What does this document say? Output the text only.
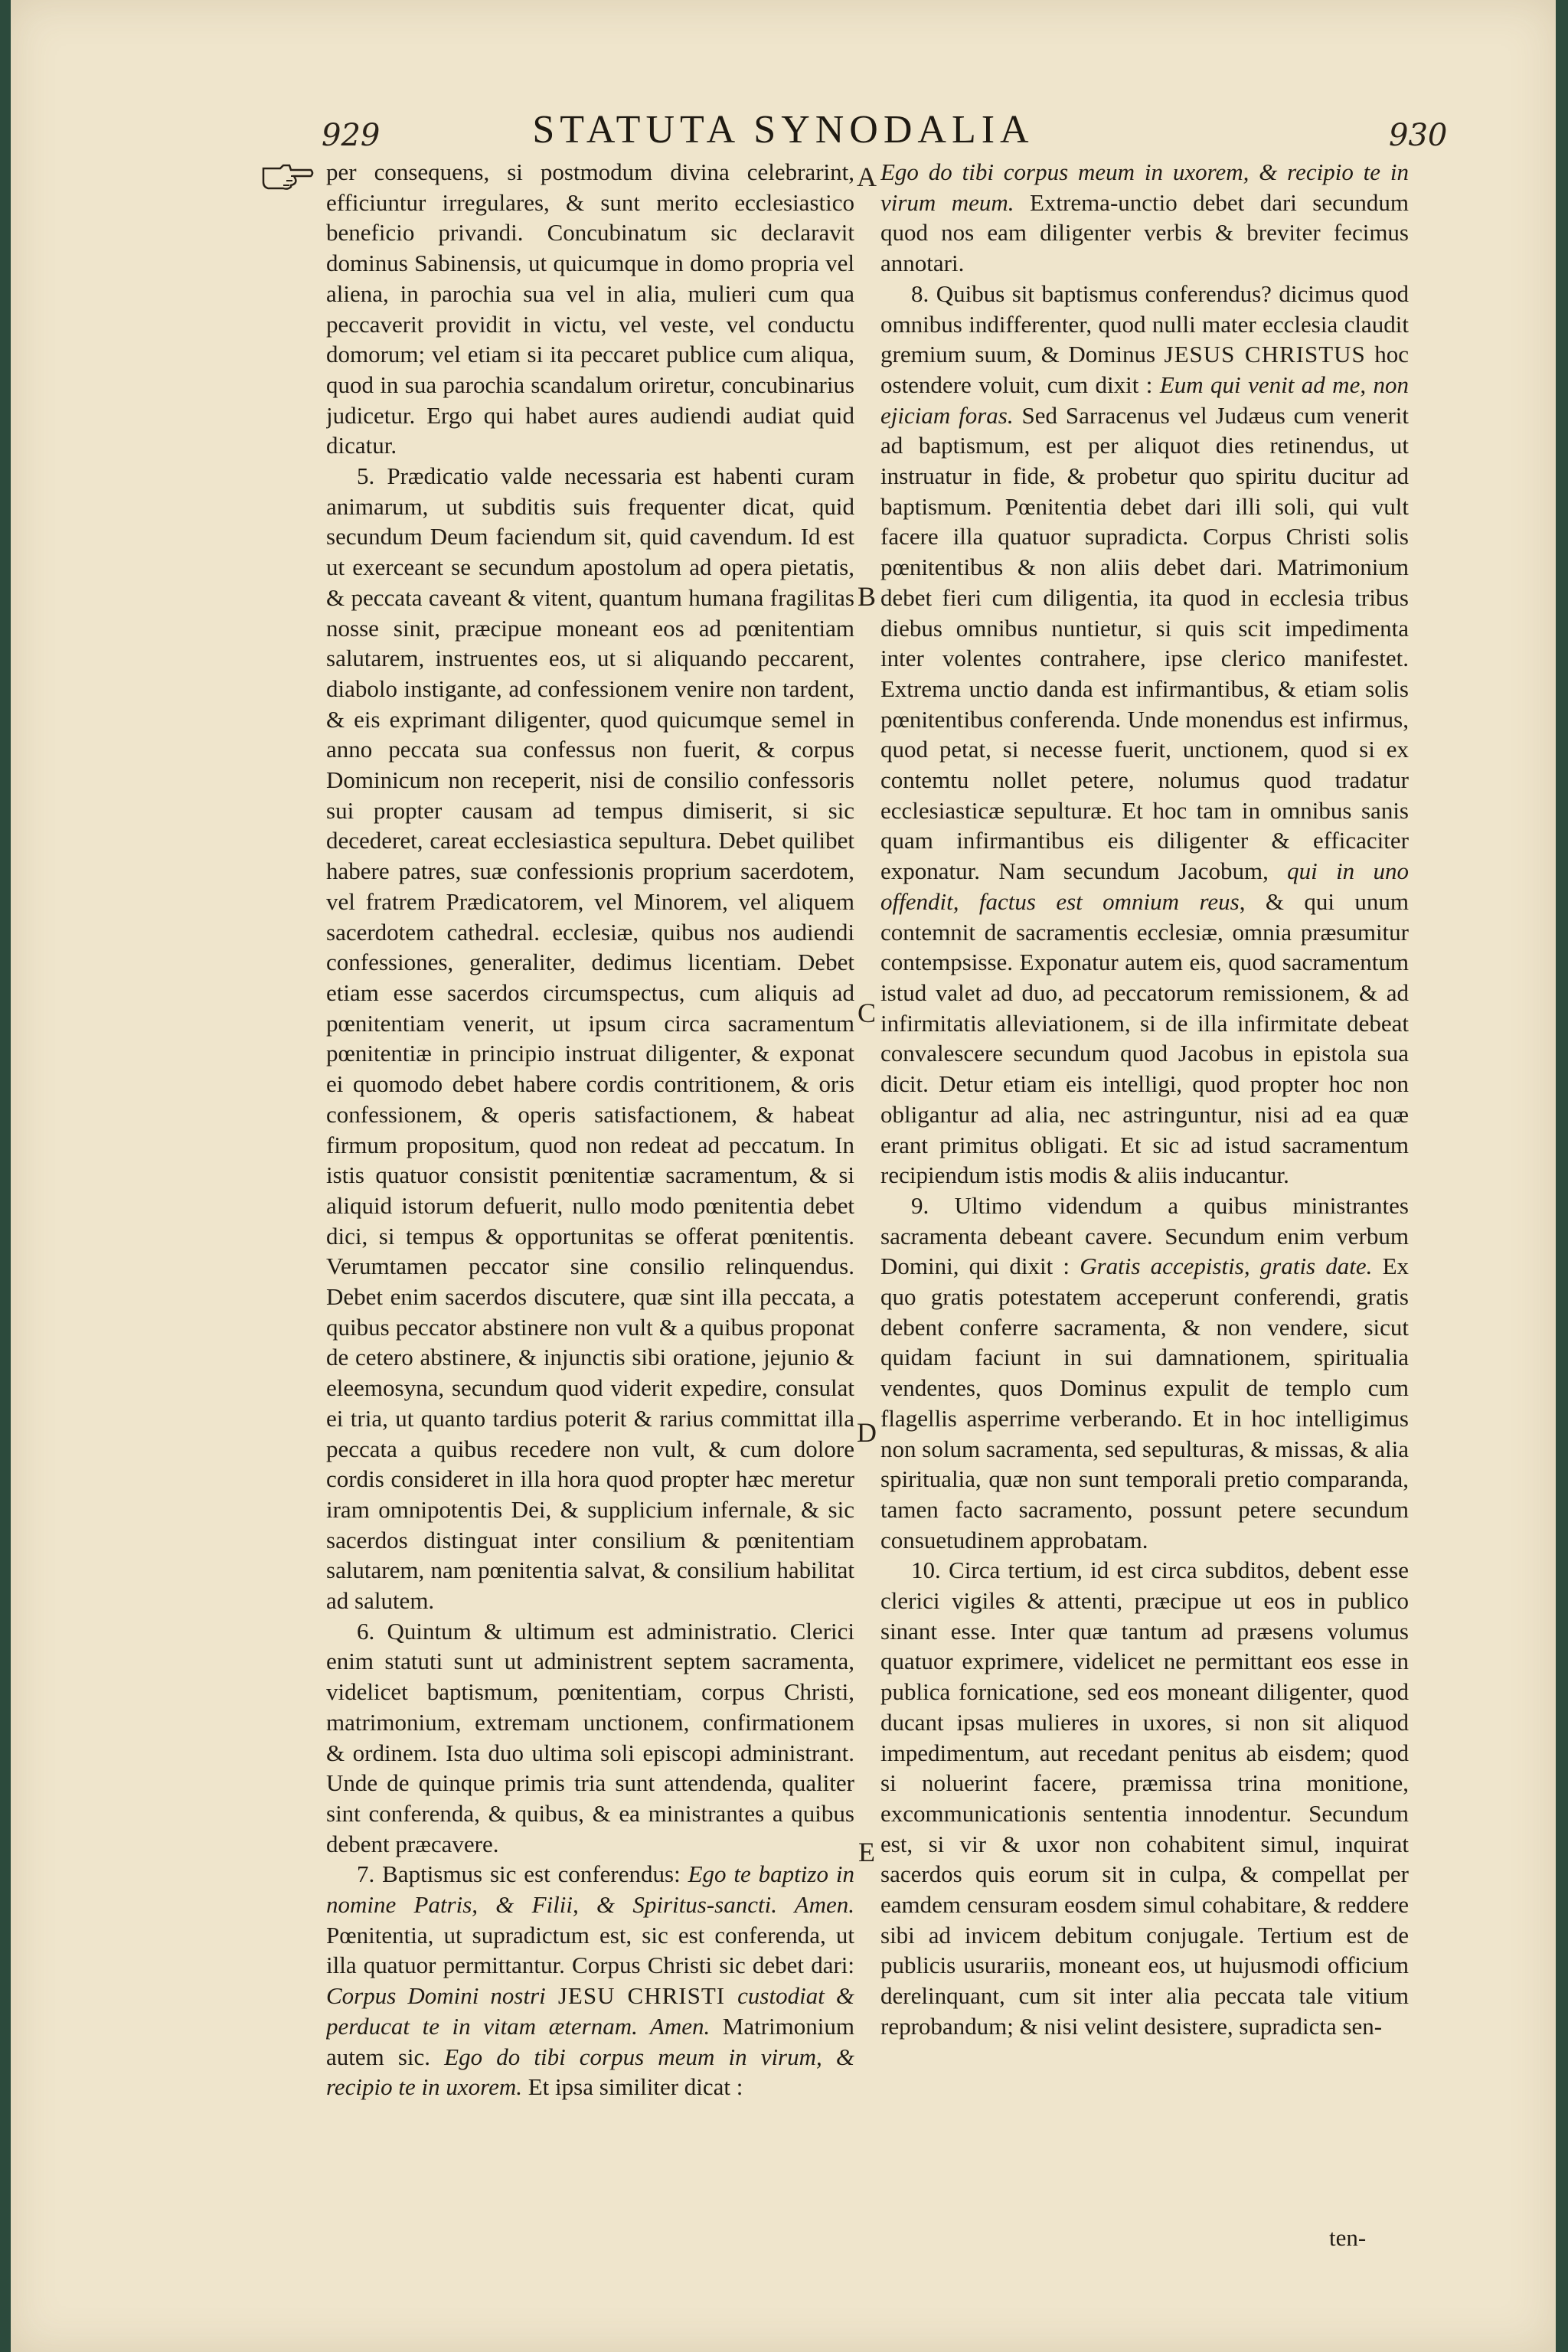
929	STATUTA SYNODALIA	930

per consequens, si postmodum divina celebrarint, efficiuntur irregulares, & sunt merito ecclesiastico beneficio privandi. Concubinatum sic declaravit dominus Sabinensis, ut quicumque in domo propria vel aliena, in parochia sua vel in alia, mulieri cum qua peccaverit providit in victu, vel veste, vel conductu domorum; vel etiam si ita peccaret publice cum aliqua, quod in sua parochia scandalum oriretur, concubinarius judicetur. Ergo qui habet aures audiendi audiat quid dicatur.

5. Prædicatio valde necessaria est habenti curam animarum, ut subditis suis frequenter dicat, quid secundum Deum faciendum sit, quid cavendum. Id est ut exerceant se secundum apostolum ad opera pietatis, & peccata caveant & vitent, quantum humana fragilitas nosse sinit, præcipue moneant eos ad pœnitentiam salutarem, instruentes eos, ut si aliquando peccarent, diabolo instigante, ad confessionem venire non tardent, & eis exprimant diligenter, quod quicumque semel in anno peccata sua confessus non fuerit, & corpus Dominicum non receperit, nisi de consilio confessoris sui propter causam ad tempus dimiserit, si sic decederet, careat ecclesiastica sepultura. Debet quilibet habere patres, suæ confessionis proprium sacerdotem, vel fratrem Prædicatorem, vel Minorem, vel aliquem sacerdotem cathedral. ecclesiæ, quibus nos audiendi confessiones, generaliter, dedimus licentiam. Debet etiam esse sacerdos circumspectus, cum aliquis ad pœnitentiam venerit, ut ipsum circa sacramentum pœnitentiæ in principio instruat diligenter, & exponat ei quomodo debet habere cordis contritionem, & oris confessionem, & operis satisfactionem, & habeat firmum propositum, quod non redeat ad peccatum. In istis quatuor consistit pœnitentiæ sacramentum, & si aliquid istorum defuerit, nullo modo pœnitentia debet dici, si tempus & opportunitas se offerat pœnitentis. Verumtamen peccator sine consilio relinquendus. Debet enim sacerdos discutere, quæ sint illa peccata, a quibus peccator abstinere non vult & a quibus proponat de cetero abstinere, & injunctis sibi oratione, jejunio & eleemosyna, secundum quod viderit expedire, consulat ei tria, ut quanto tardius poterit & rarius committat illa peccata a quibus recedere non vult, & cum dolore cordis consideret in illa hora quod propter hæc meretur iram omnipotentis Dei, & supplicium infernale, & sic sacerdos distinguat inter consilium & pœnitentiam salutarem, nam pœnitentia salvat, & consilium habilitat ad salutem.

6. Quintum & ultimum est administratio. Clerici enim statuti sunt ut administrent septem sacramenta, videlicet baptismum, pœnitentiam, corpus Christi, matrimonium, extremam unctionem, confirmationem & ordinem. Ista duo ultima soli episcopi administrant. Unde de quinque primis tria sunt attendenda, qualiter sint conferenda, & quibus, & ea ministrantes a quibus debent præcavere.

7. Baptismus sic est conferendus: Ego te baptizo in nomine Patris, & Filii, & Spiritus-sancti. Amen. Pœnitentia, ut supradictum est, sic est conferenda, ut illa quatuor permittantur. Corpus Christi sic debet dari: Corpus Domini nostri JESU CHRISTI custodiat & perducat te in vitam æternam. Amen. Matrimonium autem sic. Ego do tibi corpus meum in virum, & recipio te in uxorem. Et ipsa similiter dicat :

A
B
C
D
E

Ego do tibi corpus meum in uxorem, & recipio te in virum meum. Extrema-unctio debet dari secundum quod nos eam diligenter verbis & breviter fecimus annotari.

8. Quibus sit baptismus conferendus? dicimus quod omnibus indifferenter, quod nulli mater ecclesia claudit gremium suum, & Dominus JESUS CHRISTUS hoc ostendere voluit, cum dixit : Eum qui venit ad me, non ejiciam foras. Sed Sarracenus vel Judæus cum venerit ad baptismum, est per aliquot dies retinendus, ut instruatur in fide, & probetur quo spiritu ducitur ad baptismum. Pœnitentia debet dari illi soli, qui vult facere illa quatuor supradicta. Corpus Christi solis pœnitentibus & non aliis debet dari. Matrimonium debet fieri cum diligentia, ita quod in ecclesia tribus diebus omnibus nuntietur, si quis scit impedimenta inter volentes contrahere, ipse clerico manifestet. Extrema unctio danda est infirmantibus, & etiam solis pœnitentibus conferenda. Unde monendus est infirmus, quod petat, si necesse fuerit, unctionem, quod si ex contemtu nollet petere, nolumus quod tradatur ecclesiasticæ sepulturæ. Et hoc tam in omnibus sanis quam infirmantibus eis diligenter & efficaciter exponatur. Nam secundum Jacobum, qui in uno offendit, factus est omnium reus, & qui unum contemnit de sacramentis ecclesiæ, omnia præsumitur contempsisse. Exponatur autem eis, quod sacramentum istud valet ad duo, ad peccatorum remissionem, & ad infirmitatis alleviationem, si de illa infirmitate debeat convalescere secundum quod Jacobus in epistola sua dicit. Detur etiam eis intelligi, quod propter hoc non obligantur ad alia, nec astringuntur, nisi ad ea quæ erant primitus obligati. Et sic ad istud sacramentum recipiendum istis modis & aliis inducantur.

9. Ultimo videndum a quibus ministrantes sacramenta debeant cavere. Secundum enim verbum Domini, qui dixit : Gratis accepistis, gratis date. Ex quo gratis potestatem acceperunt conferendi, gratis debent conferre sacramenta, & non vendere, sicut quidam faciunt in sui damnationem, spiritualia vendentes, quos Dominus expulit de templo cum flagellis asperrime verberando. Et in hoc intelligimus non solum sacramenta, sed sepulturas, & missas, & alia spiritualia, quæ non sunt temporali pretio comparanda, tamen facto sacramento, possunt petere secundum consuetudinem approbatam.

10. Circa tertium, id est circa subditos, debent esse clerici vigiles & attenti, præcipue ut eos in publico sinant esse. Inter quæ tantum ad præsens volumus quatuor exprimere, videlicet ne permittant eos esse in publica fornicatione, sed eos moneant diligenter, quod ducant ipsas mulieres in uxores, si non sit aliquod impedimentum, aut recedant penitus ab eisdem; quod si noluerint facere, præmissa trina monitione, excommunicationis sententia innodentur. Secundum est, si vir & uxor non cohabitent simul, inquirat sacerdos quis eorum sit in culpa, & compellat per eamdem censuram eosdem simul cohabitare, & reddere sibi ad invicem debitum conjugale. Tertium est de publicis usurariis, moneant eos, ut hujusmodi officium derelinquant, cum sit inter alia peccata tale vitium reprobandum; & nisi velint desistere, supradicta sen-

ten-
